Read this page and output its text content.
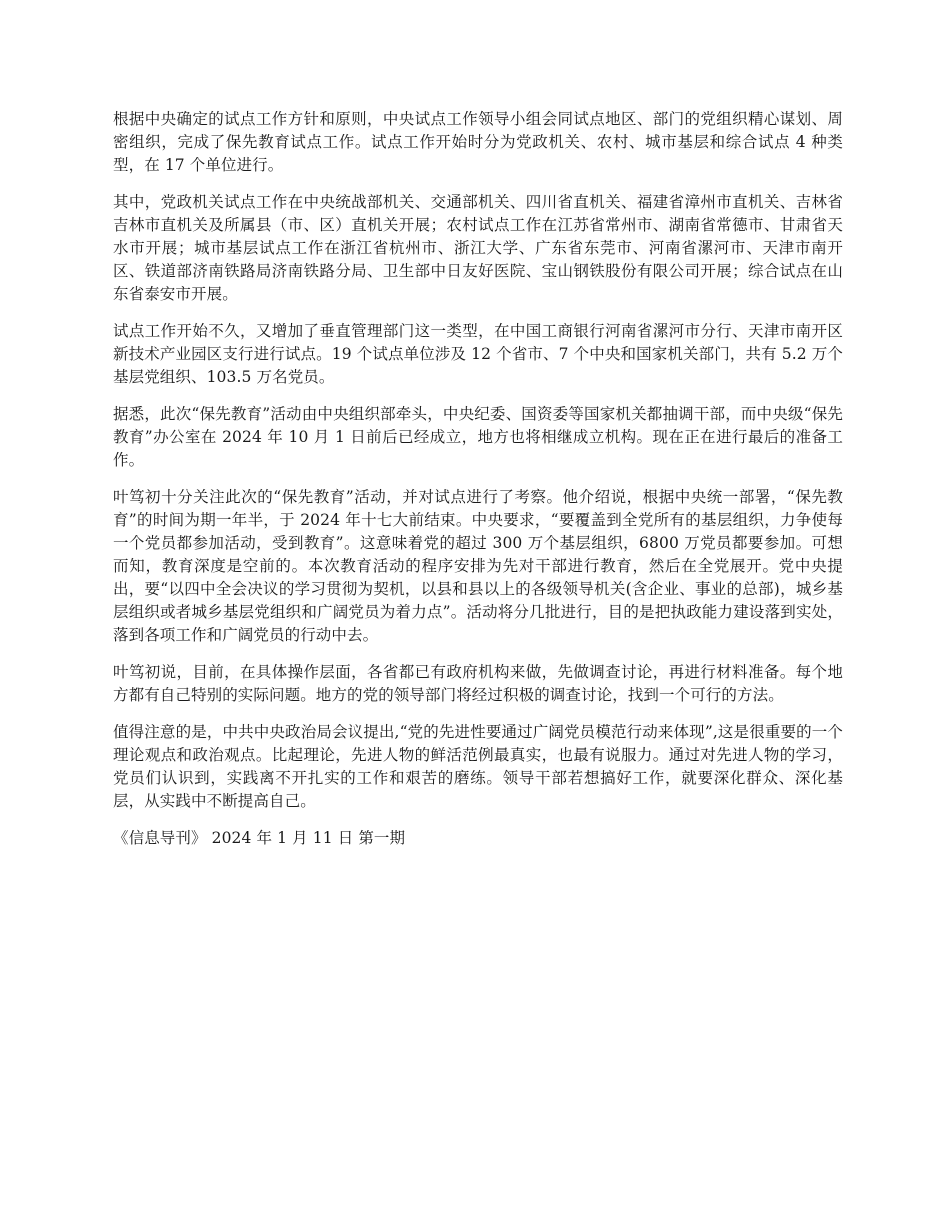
根据中央确定的试点工作方针和原则，中央试点工作领导小组会同试点地区、部门的党组织精心谋划、周密组织，完成了保先教育试点工作。试点工作开始时分为党政机关、农村、城市基层和综合试点 4 种类型，在 17 个单位进行。

其中，党政机关试点工作在中央统战部机关、交通部机关、四川省直机关、福建省漳州市直机关、吉林省吉林市直机关及所属县（市、区）直机关开展；农村试点工作在江苏省常州市、湖南省常德市、甘肃省天水市开展；城市基层试点工作在浙江省杭州市、浙江大学、广东省东莞市、河南省漯河市、天津市南开区、铁道部济南铁路局济南铁路分局、卫生部中日友好医院、宝山钢铁股份有限公司开展；综合试点在山东省泰安市开展。

试点工作开始不久，又增加了垂直管理部门这一类型，在中国工商银行河南省漯河市分行、天津市南开区新技术产业园区支行进行试点。19 个试点单位涉及 12 个省市、7 个中央和国家机关部门，共有 5.2 万个基层党组织、103.5 万名党员。

据悉，此次“保先教育”活动由中央组织部牵头，中央纪委、国资委等国家机关都抽调干部，而中央级“保先教育”办公室在 2024 年 10 月 1 日前后已经成立，地方也将相继成立机构。现在正在进行最后的准备工作。

叶笃初十分关注此次的“保先教育”活动，并对试点进行了考察。他介绍说，根据中央统一部署，“保先教育”的时间为期一年半，于 2024 年十七大前结束。中央要求，“要覆盖到全党所有的基层组织，力争使每一个党员都参加活动，受到教育”。这意味着党的超过 300 万个基层组织，6800 万党员都要参加。可想而知，教育深度是空前的。本次教育活动的程序安排为先对干部进行教育，然后在全党展开。党中央提出，要“以四中全会决议的学习贯彻为契机，以县和县以上的各级领导机关(含企业、事业的总部)，城乡基层组织或者城乡基层党组织和广阔党员为着力点”。活动将分几批进行，目的是把执政能力建设落到实处，落到各项工作和广阔党员的行动中去。

叶笃初说，目前，在具体操作层面，各省都已有政府机构来做，先做调查讨论，再进行材料准备。每个地方都有自己特别的实际问题。地方的党的领导部门将经过积极的调查讨论，找到一个可行的方法。

值得注意的是，中共中央政治局会议提出,“党的先进性要通过广阔党员模范行动来体现”,这是很重要的一个理论观点和政治观点。比起理论，先进人物的鲜活范例最真实，也最有说服力。通过对先进人物的学习，党员们认识到，实践离不开扎实的工作和艰苦的磨练。领导干部若想搞好工作，就要深化群众、深化基层，从实践中不断提高自己。

《信息导刊》 2024 年 1 月 11 日 第一期
